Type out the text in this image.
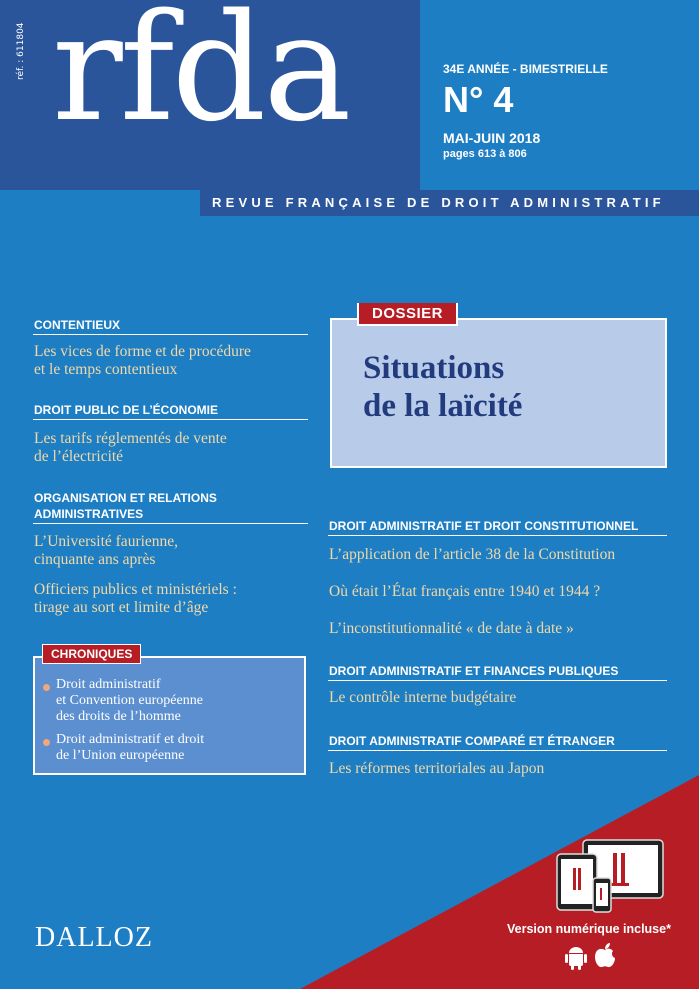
rfda
réf. : 611804	34E ANNÉE - BIMESTRIELLE
N° 4
MAI-JUIN 2018
pages 613 à 806
REVUE FRANÇAISE DE DROIT ADMINISTRATIF
CONTENTIEUX
Les vices de forme et de procédure
et le temps contentieux
DROIT PUBLIC DE L’ÉCONOMIE
Les tarifs réglementés de vente
de l’électricité
ORGANISATION ET RELATIONS
ADMINISTRATIVES
L’Université faurienne,
cinquante ans après
Officiers publics et ministériels :
tirage au sort et limite d’âge
CHRONIQUES
Droit administratif
et Convention européenne
des droits de l’homme
Droit administratif et droit
de l’Union européenne
DOSSIER
Situations
de la laïcité
DROIT ADMINISTRATIF ET DROIT CONSTITUTIONNEL
L’application de l’article 38 de la Constitution
Où était l’État français entre 1940 et 1944 ?
L’inconstitutionnalité « de date à date »
DROIT ADMINISTRATIF ET FINANCES PUBLIQUES
Le contrôle interne budgétaire
DROIT ADMINISTRATIF COMPARÉ ET ÉTRANGER
Les réformes territoriales au Japon
DALLOZ	Version numérique incluse*
